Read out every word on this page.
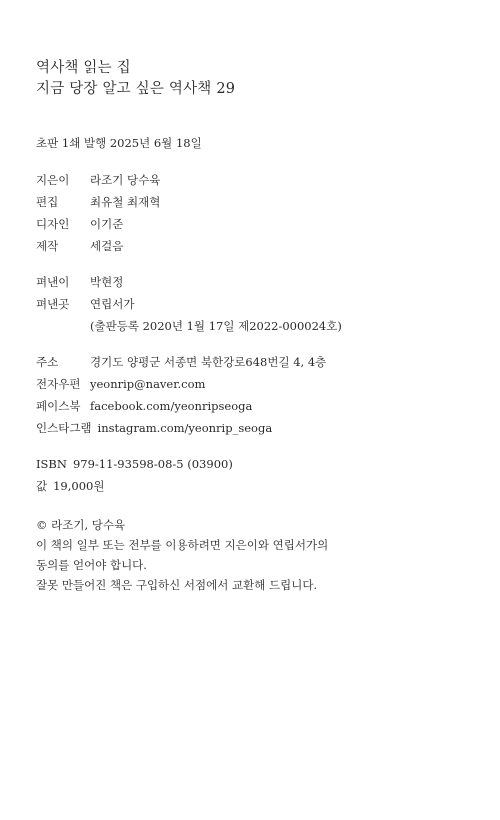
역사책 읽는 집
지금 당장 알고 싶은 역사책 29
초판 1쇄 발행 2025년 6월 18일
지은이	라조기 당수육
편집	최유철 최재혁
디자인	이기준
제작	세걸음
펴낸이	박현정
펴낸곳	연립서가
(출판등록 2020년 1월 17일 제2022-000024호)
주소	경기도 양평군 서종면 북한강로648번길 4, 4층
전자우편 yeonrip@naver.com
페이스북 facebook.com/yeonripseoga
인스타그램 instagram.com/yeonrip_seoga
ISBN 979-11-93598-08-5 (03900)
값 19,000원
© 라조기, 당수육
이 책의 일부 또는 전부를 이용하려면 지은이와 연립서가의
동의를 얻어야 합니다.
잘못 만들어진 책은 구입하신 서점에서 교환해 드립니다.
